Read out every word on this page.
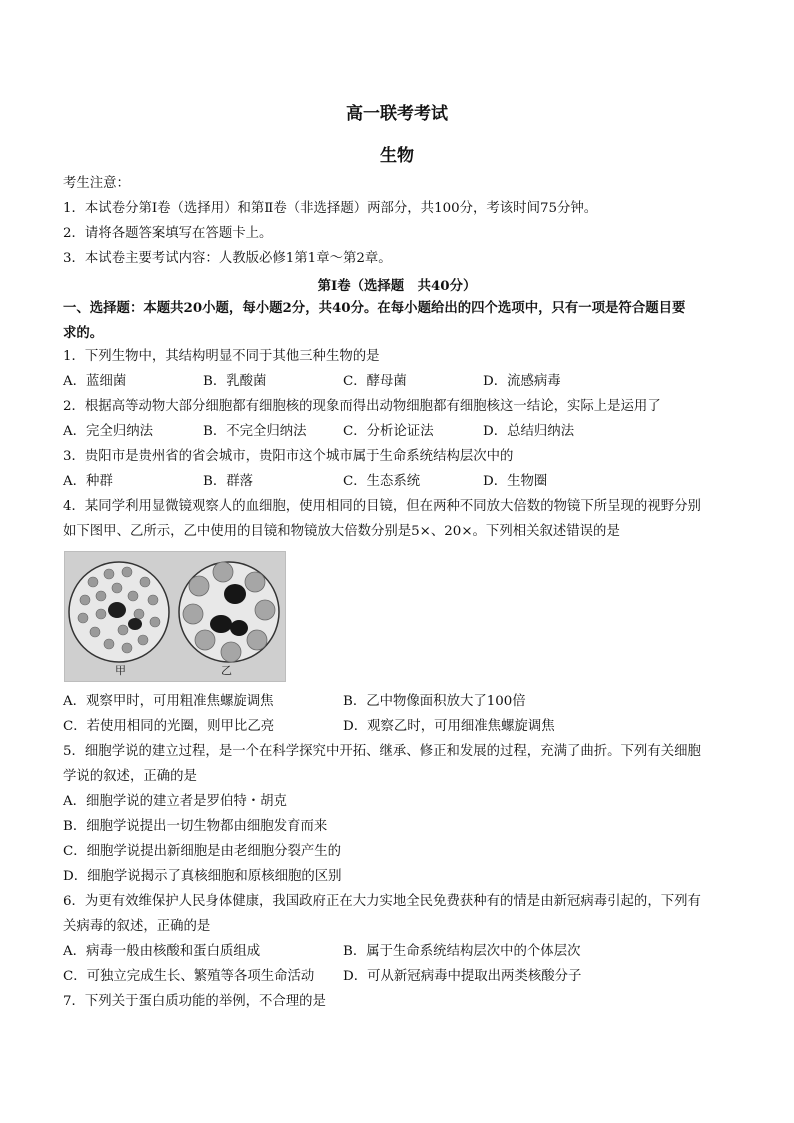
高一联考考试
生物
考生注意：
1．本试卷分第Ⅰ卷（选择用）和第Ⅱ卷（非选择题）两部分，共100分，考该时间75分钟。
2．请将各题答案填写在答题卡上。
3．本试卷主要考试内容：人教版必修1第1章～第2章。
第Ⅰ卷（选择题　共40分）
一、选择题：本题共20小题，每小题2分，共40分。在每小题给出的四个选项中，只有一项是符合题目要
求的。
1．下列生物中，其结构明显不同于其他三种生物的是
A．蓝细菌	B．乳酸菌	C．酵母菌	D．流感病毒
2．根据高等动物大部分细胞都有细胞核的现象而得出动物细胞都有细胞核这一结论，实际上是运用了
A．完全归纳法	B．不完全归纳法	C．分析论证法	D．总结归纳法
3．贵阳市是贵州省的省会城市，贵阳市这个城市属于生命系统结构层次中的
A．种群	B．群落	C．生态系统	D．生物圈
4．某同学利用显微镜观察人的血细胞，使用相同的目镜，但在两种不同放大倍数的物镜下所呈现的视野分别
如下图甲、乙所示，乙中使用的目镜和物镜放大倍数分别是5×、20×。下列相关叙述错误的是
甲	乙
A．观察甲时，可用粗准焦螺旋调焦	B．乙中物像面积放大了100倍
C．若使用相同的光圈，则甲比乙亮	D．观察乙时，可用细准焦螺旋调焦
5．细胞学说的建立过程，是一个在科学探究中开拓、继承、修正和发展的过程，充满了曲折。下列有关细胞
学说的叙述，正确的是
A．细胞学说的建立者是罗伯特・胡克
B．细胞学说提出一切生物都由细胞发育而来
C．细胞学说提出新细胞是由老细胞分裂产生的
D．细胞学说揭示了真核细胞和原核细胞的区别
6．为更有效维保护人民身体健康，我国政府正在大力实地全民免费获种有的情是由新冠病毒引起的，下列有
关病毒的叙述，正确的是
A．病毒一般由核酸和蛋白质组成	B．属于生命系统结构层次中的个体层次
C．可独立完成生长、繁殖等各项生命活动 D．可从新冠病毒中提取出两类核酸分子
7．下列关于蛋白质功能的举例，不合理的是
